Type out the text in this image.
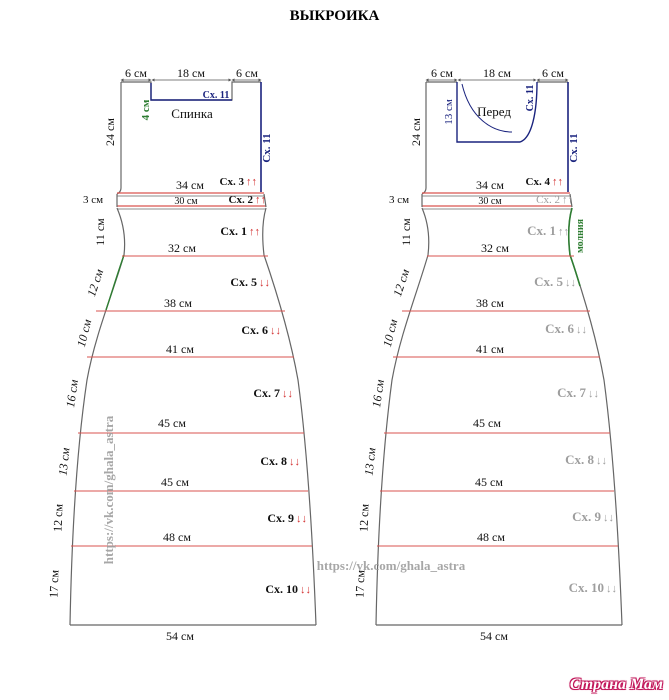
ВЫКРОИКА
6 см	18 см	6 см
Спинка
4 см
Сх. 11
Сх. 11
24 см
3 см
11 см
12 см
10 см
16 см
13 см
12 см
17 см
34 см
30 см
32 см
38 см
41 см
45 см
45 см
48 см
54 см
Сх. 3 ↑↑
Сх. 2 ↑↑
Сх. 1 ↑↑
Сх. 5 ↓↓
Сх. 6 ↓↓
Сх. 7 ↓↓
Сх. 8 ↓↓
Сх. 9 ↓↓
Сх. 10 ↓↓
6 см	18 см	6 см
Перед
13 см
Сх. 11
Сх. 11
молния
24 см
3 см
11 см
12 см
10 см
16 см
13 см
12 см
17 см
34 см
30 см
32 см
38 см
41 см
45 см
45 см
48 см
54 см
Сх. 4 ↑↑
Сх. 2 ↑↑
Сх. 1 ↑↑
Сх. 5 ↓↓
Сх. 6 ↓↓
Сх. 7 ↓↓
Сх. 8 ↓↓
Сх. 9 ↓↓
Сх. 10 ↓↓
https://vk.com/ghala_astra
https://vk.com/ghala_astra
Страна Мам
